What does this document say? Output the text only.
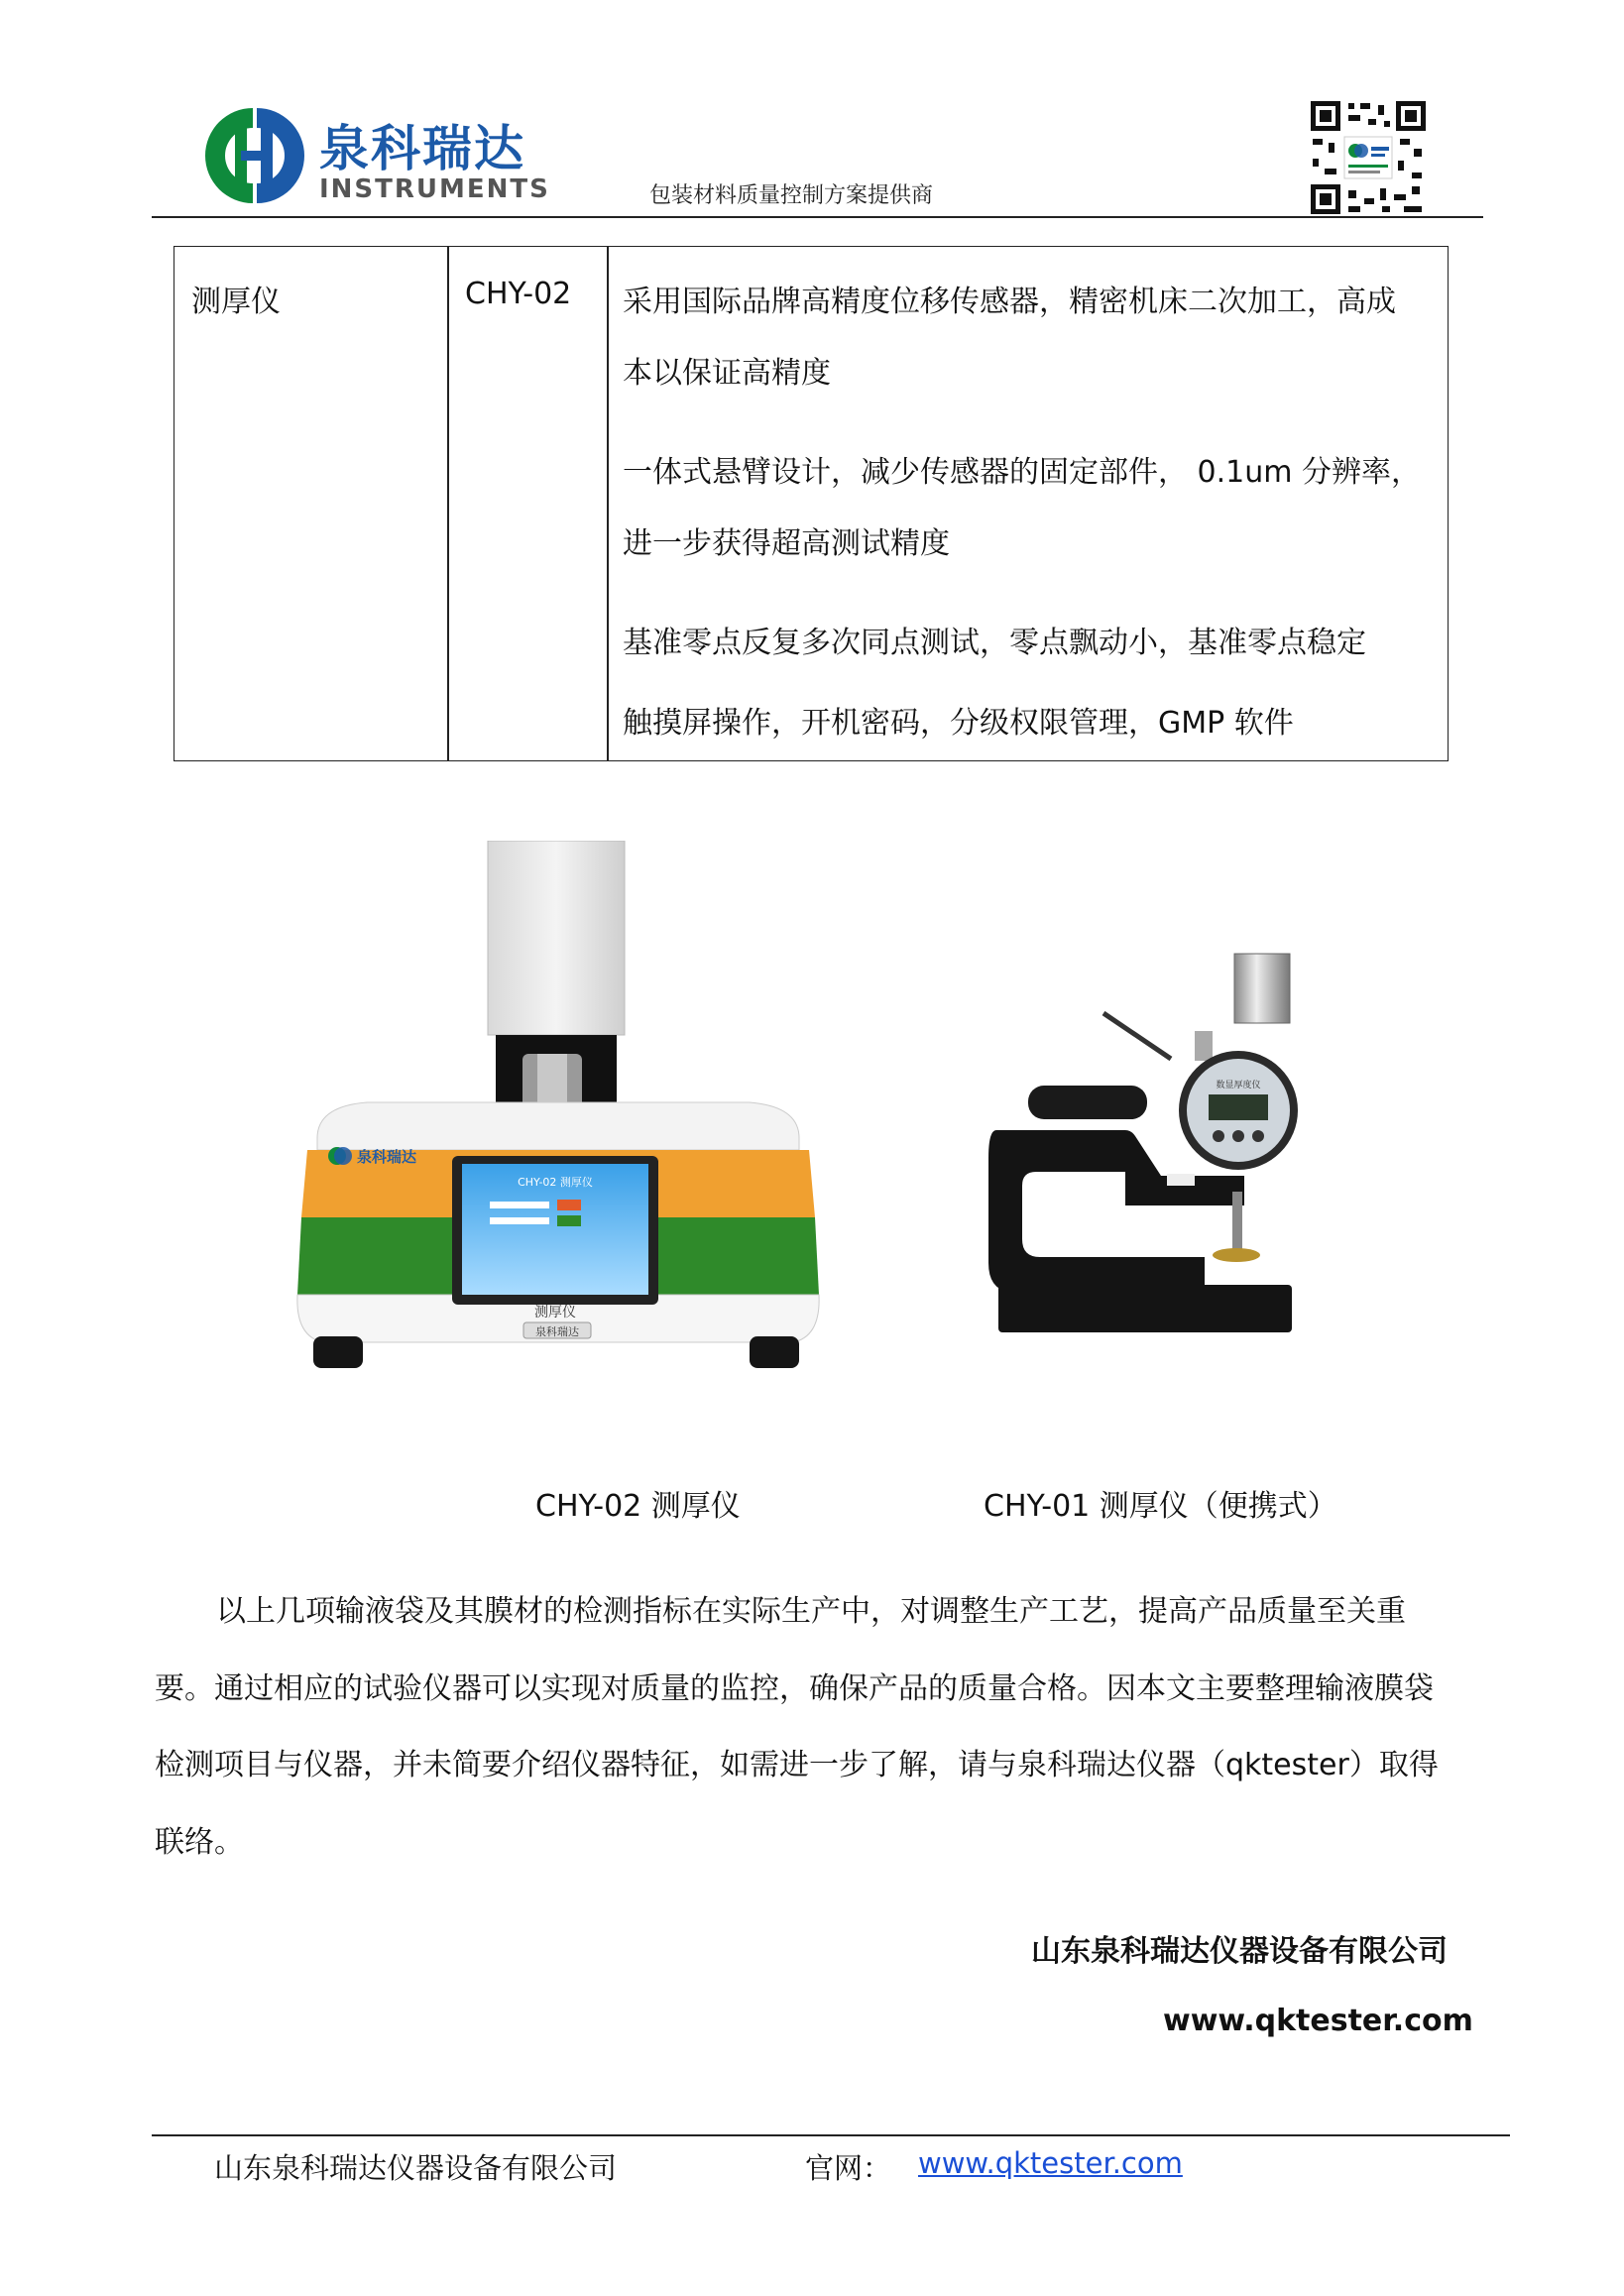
泉科瑞达
INSTRUMENTS	包装材料质量控制方案提供商
测厚仪	CHY-02 采用国际品牌高精度位移传感器，精密机床二次加工，高成
本以保证高精度
一体式悬臂设计，减少传感器的固定部件， 0.1um 分辨率，
进一步获得超高测试精度
基准零点反复多次同点测试，零点飘动小，基准零点稳定
触摸屏操作，开机密码，分级权限管理，GMP 软件
CHY-02 测厚仪
泉科瑞达
测厚仪
泉科瑞达
数显厚度仪
CHY-02 测厚仪	CHY-01 测厚仪（便携式）
以上几项输液袋及其膜材的检测指标在实际生产中，对调整生产工艺，提高产品质量至关重
要。通过相应的试验仪器可以实现对质量的监控，确保产品的质量合格。因本文主要整理输液膜袋
检测项目与仪器，并未简要介绍仪器特征，如需进一步了解，请与泉科瑞达仪器（qktester）取得
联络。
山东泉科瑞达仪器设备有限公司
www.qktester.com
山东泉科瑞达仪器设备有限公司	官网： www.qktester.com
